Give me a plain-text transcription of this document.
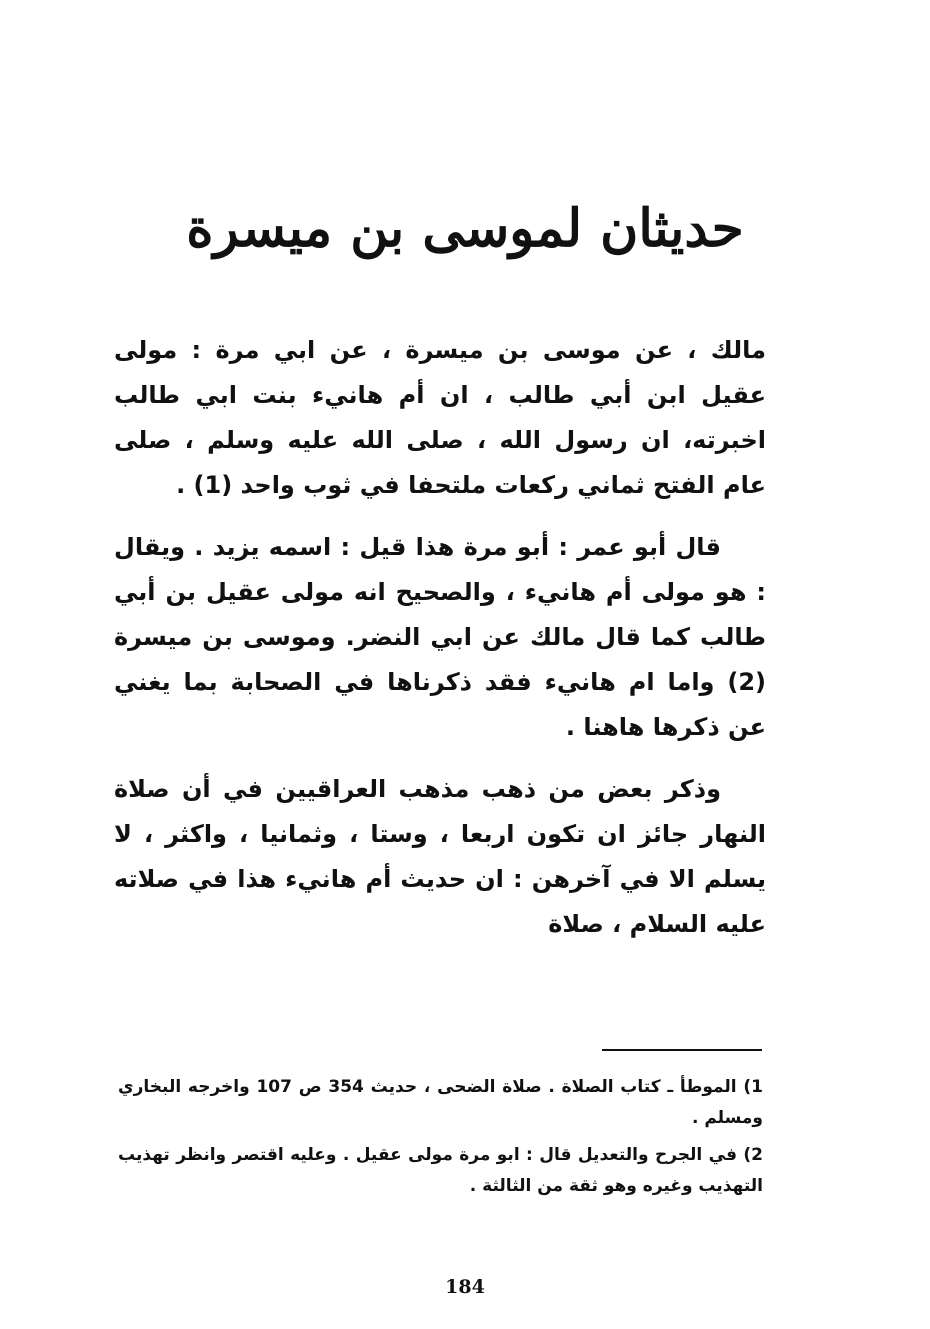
حديثان لموسى بن ميسرة

مالك ، عن موسى بن ميسرة ، عن ابي مرة : مولى عقيل ابن أبي طالب ، ان أم هانيء بنت ابي طالب اخبرته، ان رسول الله ، صلى الله عليه وسلم ، صلى عام الفتح ثماني ركعات ملتحفا في ثوب واحد (1) .

قال أبو عمر : أبو مرة هذا قيل : اسمه يزيد . ويقال : هو مولى أم هانيء ، والصحيح انه مولى عقيل بن أبي طالب كما قال مالك عن ابي النضر. وموسى بن ميسرة (2) واما ام هانيء فقد ذكرناها في الصحابة بما يغني عن ذكرها هاهنا .

وذكر بعض من ذهب مذهب العراقيين في أن صلاة النهار جائز ان تكون اربعا ، وستا ، وثمانيا ، واكثر ، لا يسلم الا في آخرهن : ان حديث أم هانيء هذا في صلاته عليه السلام ، صلاة

1) الموطأ ـ كتاب الصلاة . صلاة الضحى ، حديث 354 ص 107 واخرجه البخاري ومسلم .

2) في الجرح والتعديل قال : ابو مرة مولى عقيل . وعليه اقتصر وانظر تهذيب التهذيب وغيره وهو ثقة من الثالثة .

184
